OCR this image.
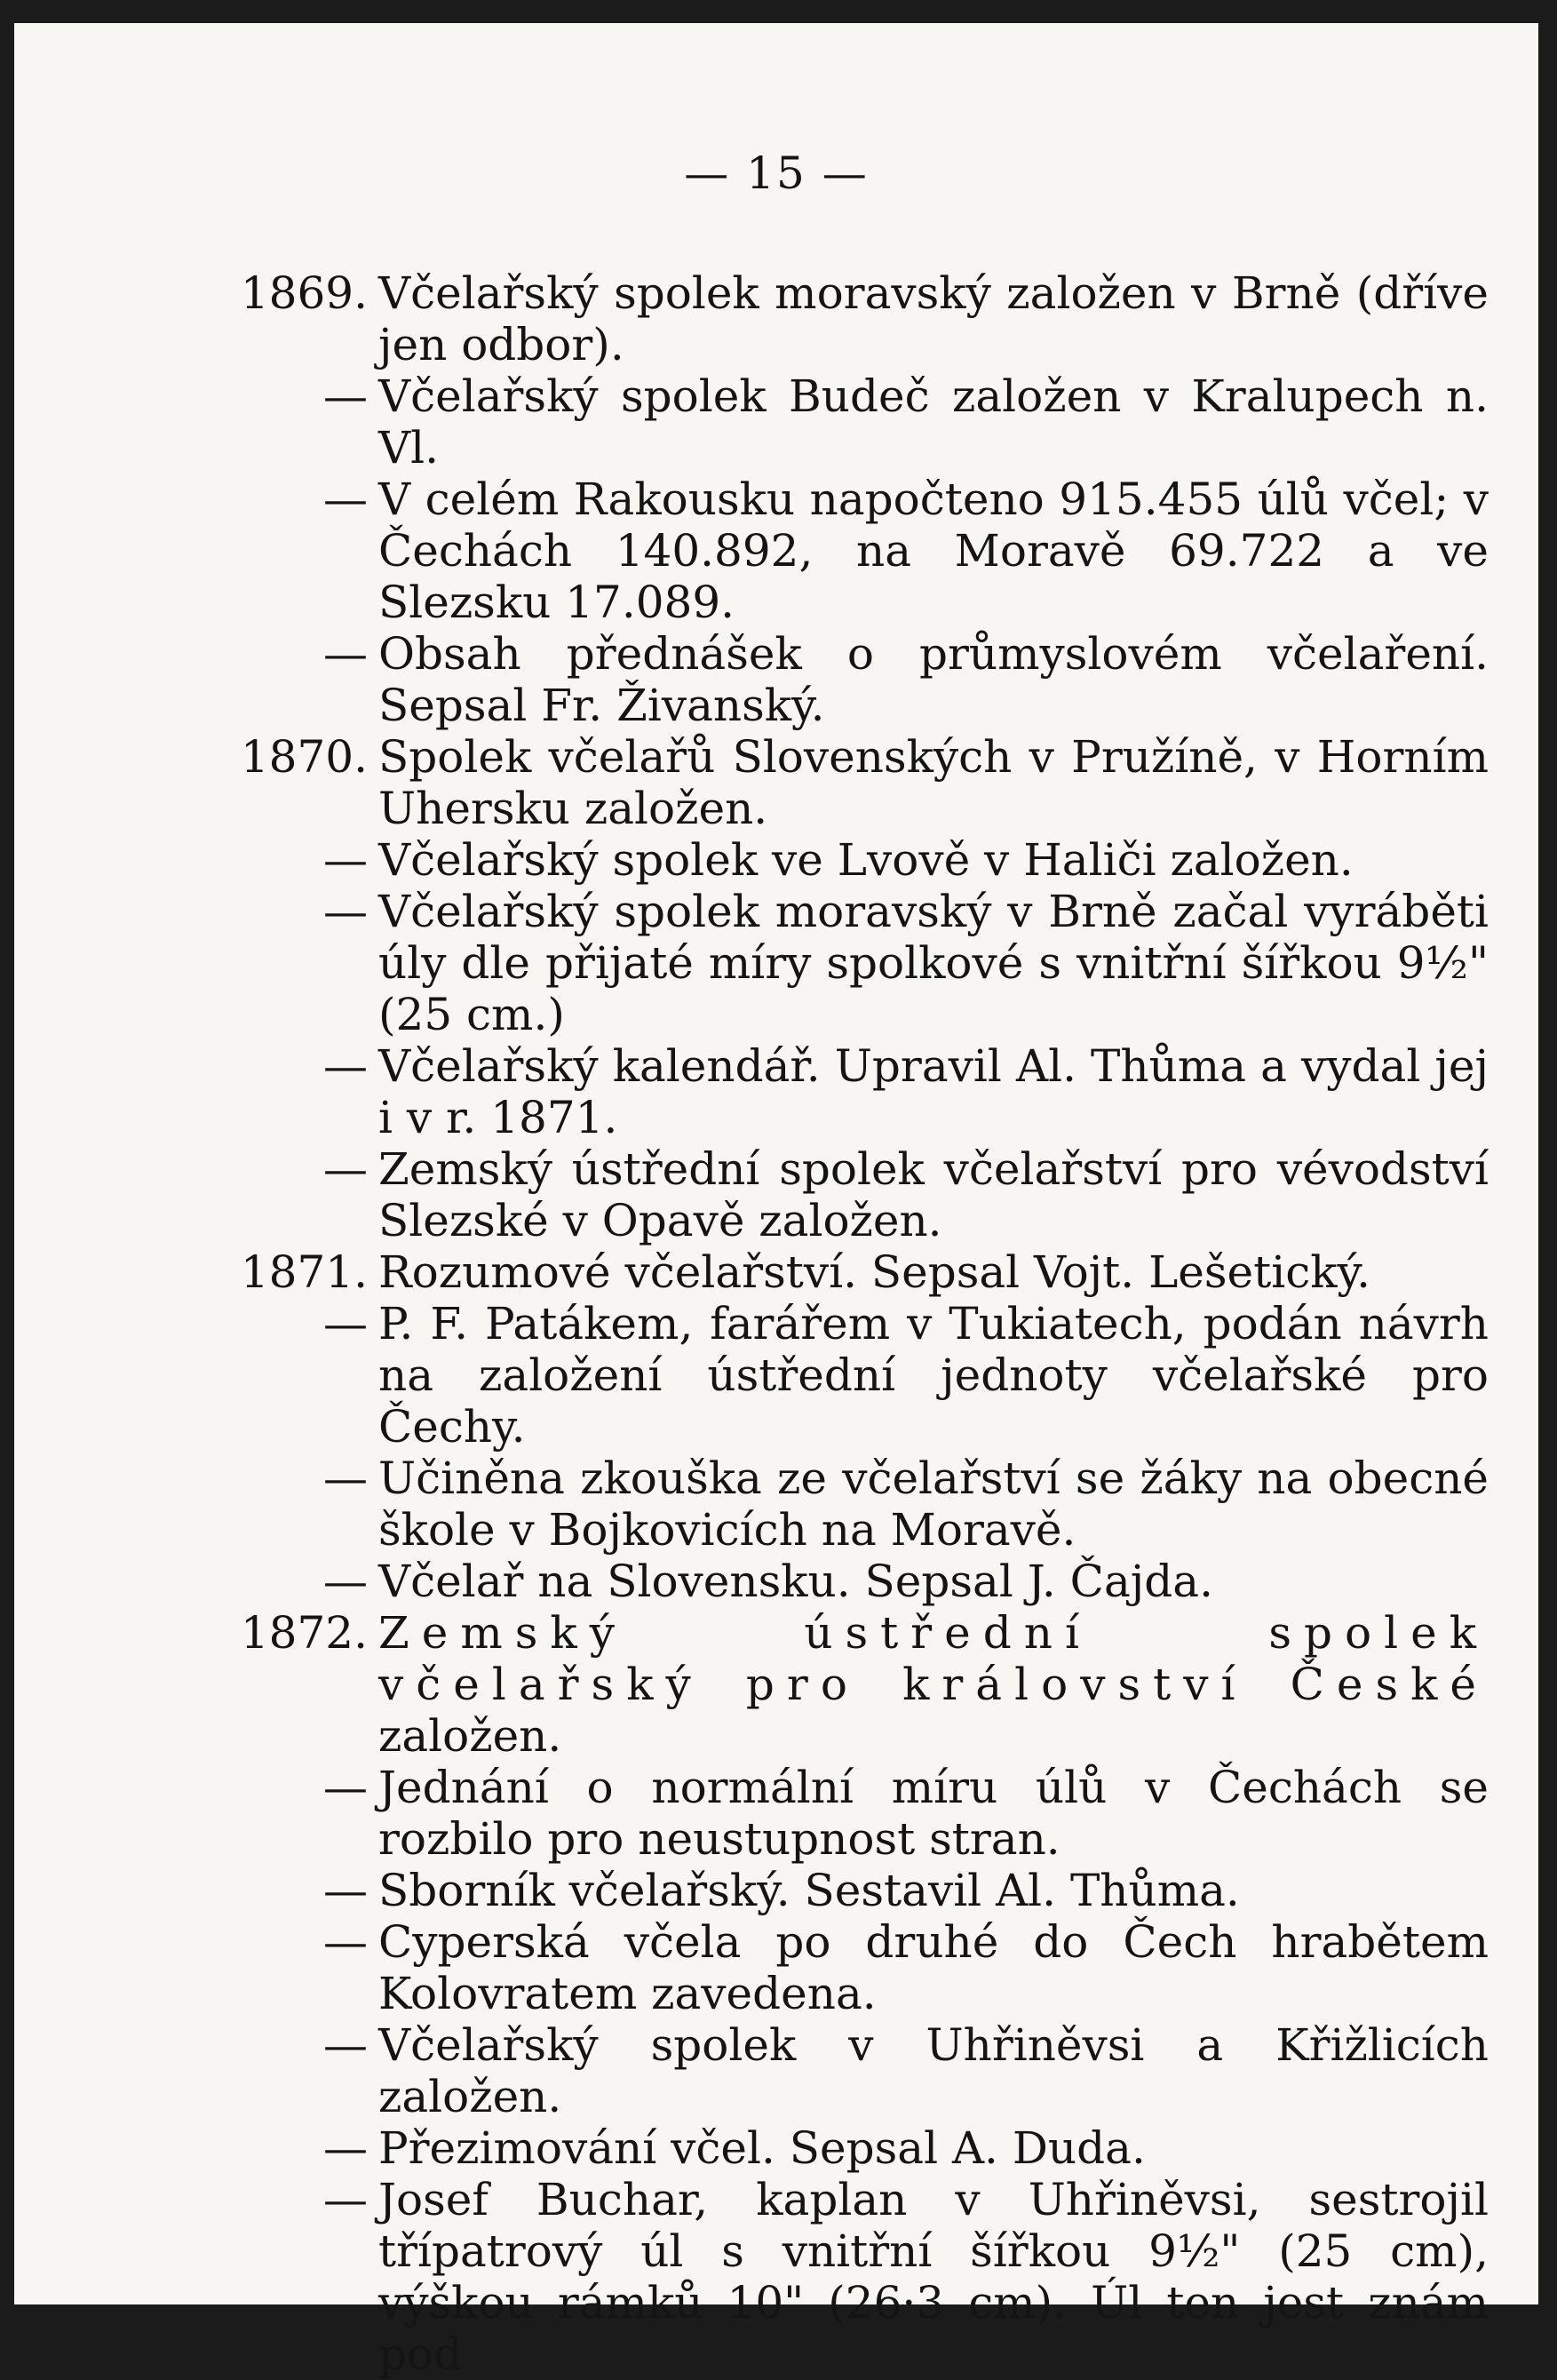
— 15 —
1869. Včelařský spolek moravský založen v Brně (dříve jen odbor).
— Včelařský spolek Budeč založen v Kralupech n. Vl.
— V celém Rakousku napočteno 915.455 úlů včel; v Čechách 140.892, na Moravě 69.722 a ve Slezsku 17.089.
— Obsah přednášek o průmyslovém včelaření. Sepsal Fr. Živanský.
1870. Spolek včelařů Slovenských v Pružíně, v Horním Uhersku založen.
— Včelařský spolek ve Lvově v Haliči založen.
— Včelařský spolek moravský v Brně začal vyráběti úly dle přijaté míry spolkové s vnitřní šířkou 9½" (25 cm.)
— Včelařský kalendář. Upravil Al. Thůma a vydal jej i v r. 1871.
— Zemský ústřední spolek včelařství pro vévodství Slezské v Opavě založen.
1871. Rozumové včelařství. Sepsal Vojt. Lešetický.
— P. F. Patákem, farářem v Tukiatech, podán návrh na založení ústřední jednoty včelařské pro Čechy.
— Učiněna zkouška ze včelařství se žáky na obecné škole v Bojkovicích na Moravě.
— Včelař na Slovensku. Sepsal J. Čajda.
1872. Zemský ústřední spolek včelařský pro království České založen.
— Jednání o normální míru úlů v Čechách se rozbilo pro neustupnost stran.
— Sborník včelařský. Sestavil Al. Thůma.
— Cyperská včela po druhé do Čech hrabětem Kolovratem zavedena.
— Včelařský spolek v Uhřiněvsi a Křižlicích založen.
— Přezimování včel. Sepsal A. Duda.
— Josef Buchar, kaplan v Uhřiněvsi, sestrojil třípatrový úl s vnitřní šířkou 9½" (25 cm), výškou rámků 10" (26·3 cm). Úl ten jest znám pod
